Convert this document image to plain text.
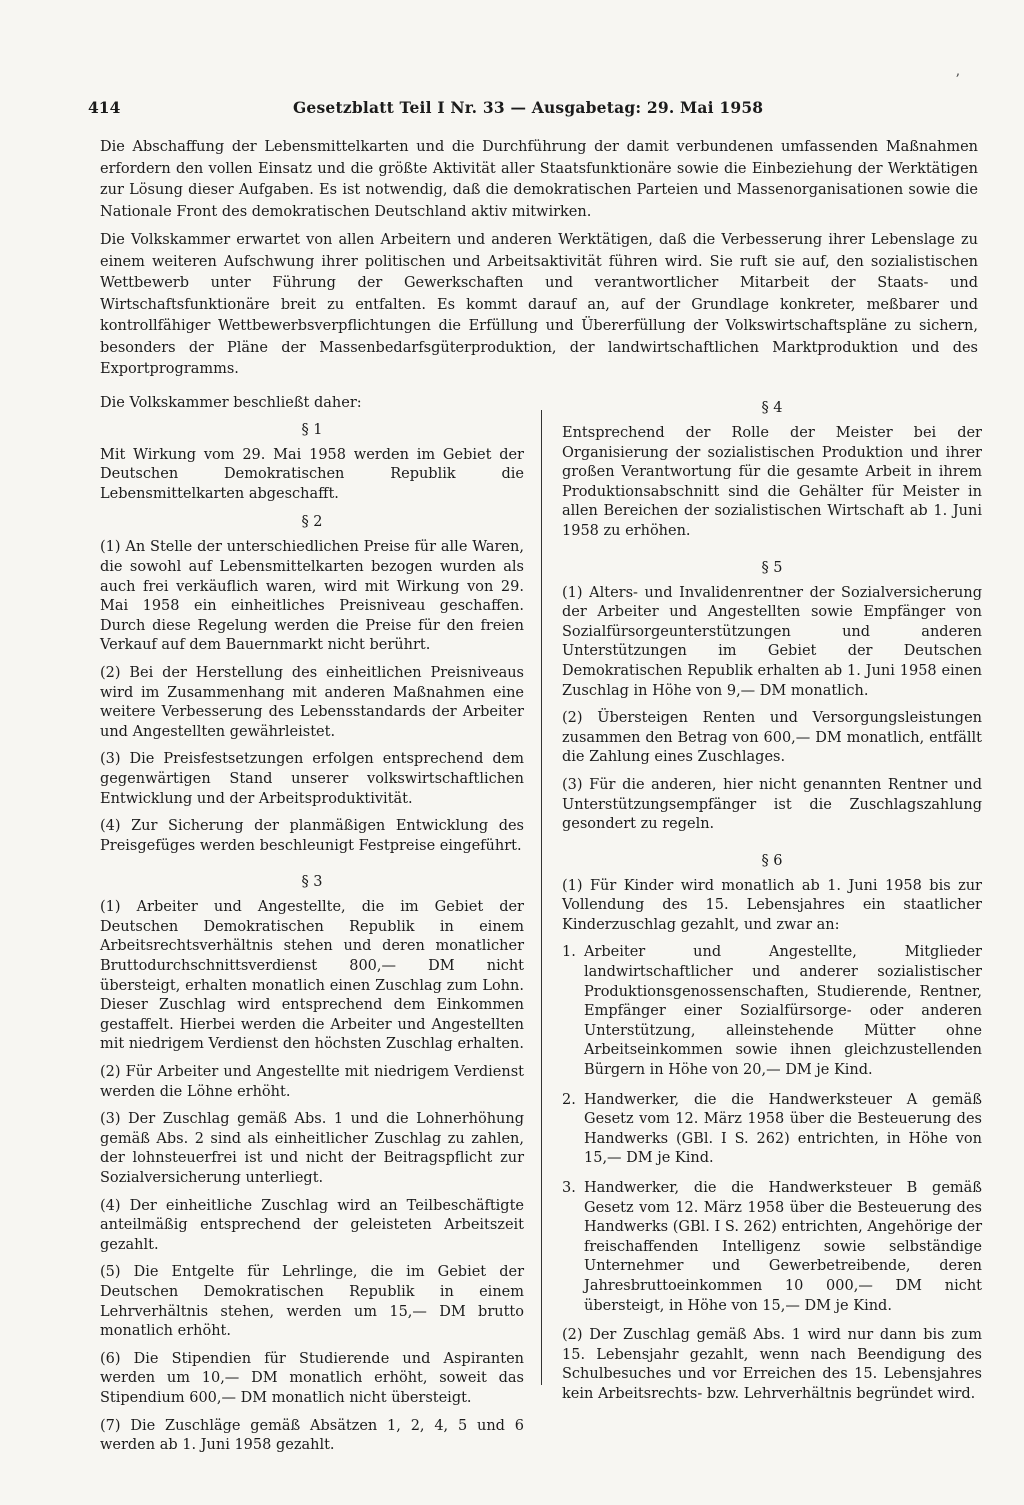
414	Gesetzblatt Teil I Nr. 33 — Ausgabetag: 29. Mai 1958
ʼ

Die Abschaffung der Lebensmittelkarten und die Durchführung der damit verbundenen umfassenden Maßnahmen erfordern den vollen Einsatz und die größte Aktivität aller Staatsfunktionäre sowie die Einbeziehung der Werktätigen zur Lösung dieser Aufgaben. Es ist notwendig, daß die demokratischen Parteien und Massenorganisationen sowie die Nationale Front des demokratischen Deutschland aktiv mitwirken.

Die Volkskammer erwartet von allen Arbeitern und anderen Werktätigen, daß die Verbesserung ihrer Lebenslage zu einem weiteren Aufschwung ihrer politischen und Arbeitsaktivität führen wird. Sie ruft sie auf, den sozialistischen Wettbewerb unter Führung der Gewerkschaften und verantwortlicher Mitarbeit der Staats- und Wirtschaftsfunktionäre breit zu entfalten. Es kommt darauf an, auf der Grundlage konkreter, meßbarer und kontrollfähiger Wettbewerbsverpflichtungen die Erfüllung und Übererfüllung der Volkswirtschaftspläne zu sichern, besonders der Pläne der Massenbedarfsgüterproduktion, der landwirtschaftlichen Marktproduktion und des Exportprogramms.

Die Volkskammer beschließt daher:

§ 1

Mit Wirkung vom 29. Mai 1958 werden im Gebiet der Deutschen Demokratischen Republik die Lebensmittelkarten abgeschafft.

§ 2

(1) An Stelle der unterschiedlichen Preise für alle Waren, die sowohl auf Lebensmittelkarten bezogen wurden als auch frei verkäuflich waren, wird mit Wirkung von 29. Mai 1958 ein einheitliches Preisniveau geschaffen. Durch diese Regelung werden die Preise für den freien Verkauf auf dem Bauernmarkt nicht berührt.

(2) Bei der Herstellung des einheitlichen Preisniveaus wird im Zusammenhang mit anderen Maßnahmen eine weitere Verbesserung des Lebensstandards der Arbeiter und Angestellten gewährleistet.

(3) Die Preisfestsetzungen erfolgen entsprechend dem gegenwärtigen Stand unserer volkswirtschaftlichen Entwicklung und der Arbeitsproduktivität.

(4) Zur Sicherung der planmäßigen Entwicklung des Preisgefüges werden beschleunigt Festpreise eingeführt.

§ 3

(1) Arbeiter und Angestellte, die im Gebiet der Deutschen Demokratischen Republik in einem Arbeitsrechtsverhältnis stehen und deren monatlicher Bruttodurchschnittsverdienst 800,— DM nicht übersteigt, erhalten monatlich einen Zuschlag zum Lohn. Dieser Zuschlag wird entsprechend dem Einkommen gestaffelt. Hierbei werden die Arbeiter und Angestellten mit niedrigem Verdienst den höchsten Zuschlag erhalten.

(2) Für Arbeiter und Angestellte mit niedrigem Verdienst werden die Löhne erhöht.

(3) Der Zuschlag gemäß Abs. 1 und die Lohnerhöhung gemäß Abs. 2 sind als einheitlicher Zuschlag zu zahlen, der lohnsteuerfrei ist und nicht der Beitragspflicht zur Sozialversicherung unterliegt.

(4) Der einheitliche Zuschlag wird an Teilbeschäftigte anteilmäßig entsprechend der geleisteten Arbeitszeit gezahlt.

(5) Die Entgelte für Lehrlinge, die im Gebiet der Deutschen Demokratischen Republik in einem Lehrverhältnis stehen, werden um 15,— DM brutto monatlich erhöht.

(6) Die Stipendien für Studierende und Aspiranten werden um 10,— DM monatlich erhöht, soweit das Stipendium 600,— DM monatlich nicht übersteigt.

(7) Die Zuschläge gemäß Absätzen 1, 2, 4, 5 und 6 werden ab 1. Juni 1958 gezahlt.

§ 4

Entsprechend der Rolle der Meister bei der Organisierung der sozialistischen Produktion und ihrer großen Verantwortung für die gesamte Arbeit in ihrem Produktionsabschnitt sind die Gehälter für Meister in allen Bereichen der sozialistischen Wirtschaft ab 1. Juni 1958 zu erhöhen.

§ 5

(1) Alters- und Invalidenrentner der Sozialversicherung der Arbeiter und Angestellten sowie Empfänger von Sozialfürsorgeunterstützungen und anderen Unterstützungen im Gebiet der Deutschen Demokratischen Republik erhalten ab 1. Juni 1958 einen Zuschlag in Höhe von 9,— DM monatlich.

(2) Übersteigen Renten und Versorgungsleistungen zusammen den Betrag von 600,— DM monatlich, entfällt die Zahlung eines Zuschlages.

(3) Für die anderen, hier nicht genannten Rentner und Unterstützungsempfänger ist die Zuschlagszahlung gesondert zu regeln.

§ 6

(1) Für Kinder wird monatlich ab 1. Juni 1958 bis zur Vollendung des 15. Lebensjahres ein staatlicher Kinderzuschlag gezahlt, und zwar an:

1. Arbeiter und Angestellte, Mitglieder landwirtschaftlicher und anderer sozialistischer Produktionsgenossenschaften, Studierende, Rentner, Empfänger einer Sozialfürsorge- oder anderen Unterstützung, alleinstehende Mütter ohne Arbeitseinkommen sowie ihnen gleichzustellenden Bürgern in Höhe von 20,— DM je Kind.
2. Handwerker, die die Handwerksteuer A gemäß Gesetz vom 12. März 1958 über die Besteuerung des Handwerks (GBl. I S. 262) entrichten, in Höhe von 15,— DM je Kind.
3. Handwerker, die die Handwerksteuer B gemäß Gesetz vom 12. März 1958 über die Besteuerung des Handwerks (GBl. I S. 262) entrichten, Angehörige der freischaffenden Intelligenz sowie selbständige Unternehmer und Gewerbetreibende, deren Jahresbruttoeinkommen 10 000,— DM nicht übersteigt, in Höhe von 15,— DM je Kind.

(2) Der Zuschlag gemäß Abs. 1 wird nur dann bis zum 15. Lebensjahr gezahlt, wenn nach Beendigung des Schulbesuches und vor Erreichen des 15. Lebensjahres kein Arbeitsrechts- bzw. Lehrverhältnis begründet wird.
